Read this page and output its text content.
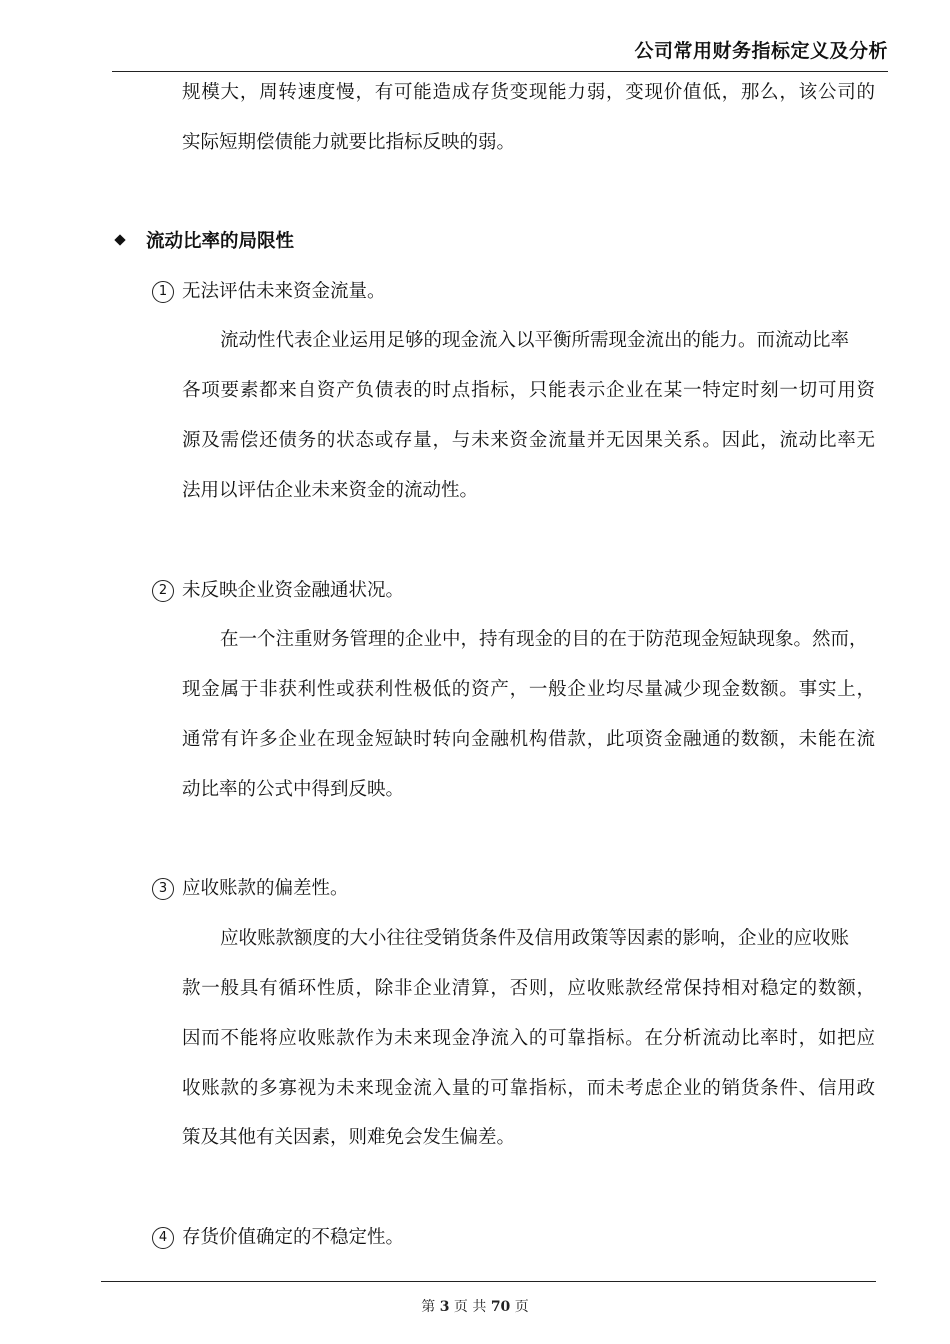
公司常用财务指标定义及分析
规模大，周转速度慢，有可能造成存货变现能力弱，变现价值低，那么，该公司的
实际短期偿债能力就要比指标反映的弱。
流动比率的局限性
1 无法评估未来资金流量。
流动性代表企业运用足够的现金流入以平衡所需现金流出的能力。而流动比率
各项要素都来自资产负债表的时点指标，只能表示企业在某一特定时刻一切可用资
源及需偿还债务的状态或存量，与未来资金流量并无因果关系。因此，流动比率无
法用以评估企业未来资金的流动性。
2 未反映企业资金融通状况。
在一个注重财务管理的企业中，持有现金的目的在于防范现金短缺现象。然而，
现金属于非获利性或获利性极低的资产，一般企业均尽量减少现金数额。事实上，
通常有许多企业在现金短缺时转向金融机构借款，此项资金融通的数额，未能在流
动比率的公式中得到反映。
3 应收账款的偏差性。
应收账款额度的大小往往受销货条件及信用政策等因素的影响，企业的应收账
款一般具有循环性质，除非企业清算，否则，应收账款经常保持相对稳定的数额，
因而不能将应收账款作为未来现金净流入的可靠指标。在分析流动比率时，如把应
收账款的多寡视为未来现金流入量的可靠指标，而未考虑企业的销货条件、信用政
策及其他有关因素，则难免会发生偏差。
4 存货价值确定的不稳定性。
第 3 页 共 70 页
